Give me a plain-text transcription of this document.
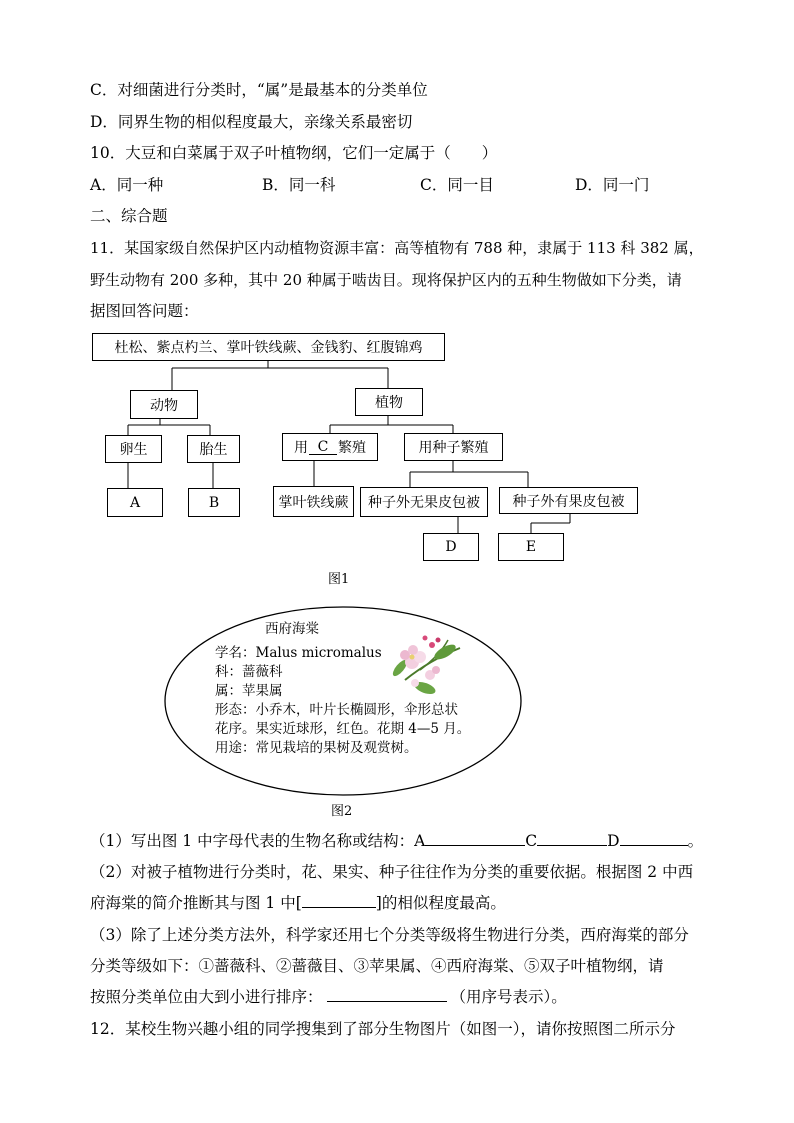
C．对细菌进行分类时，“属”是最基本的分类单位
D．同界生物的相似程度最大，亲缘关系最密切
10．大豆和白菜属于双子叶植物纲，它们一定属于（　　）
A．同一种	B．同一科	C．同一目	D．同一门
二、综合题
11．某国家级自然保护区内动植物资源丰富：高等植物有 788 种，隶属于 113 科 382 属，
野生动物有 200 多种，其中 20 种属于啮齿目。现将保护区内的五种生物做如下分类，请
据图回答问题：
杜松、紫点杓兰、掌叶铁线蕨、金钱豹、红腹锦鸡
动物	植物
卵生	胎生	用 C 繁殖	用种子繁殖
A	B	掌叶铁线蕨	种子外无果皮包被	种子外有果皮包被
D	E
图1
西府海棠
学名：Malus micromalus
科：蔷薇科
属：苹果属
形态：小乔木，叶片长椭圆形，伞形总状
花序。果实近球形，红色。花期 4—5 月。
用途：常见栽培的果树及观赏树。
图2
（1）写出图 1 中字母代表的生物名称或结构：A	C	D	。
（2）对被子植物进行分类时，花、果实、种子往往作为分类的重要依据。根据图 2 中西
府海棠的简介推断其与图 1 中[	]的相似程度最高。
（3）除了上述分类方法外，科学家还用七个分类等级将生物进行分类，西府海棠的部分
分类等级如下：①蔷薇科、②蔷薇目、③苹果属、④西府海棠、⑤双子叶植物纲，请
按照分类单位由大到小进行排序：	（用序号表示）。
12．某校生物兴趣小组的同学搜集到了部分生物图片（如图一），请你按照图二所示分
